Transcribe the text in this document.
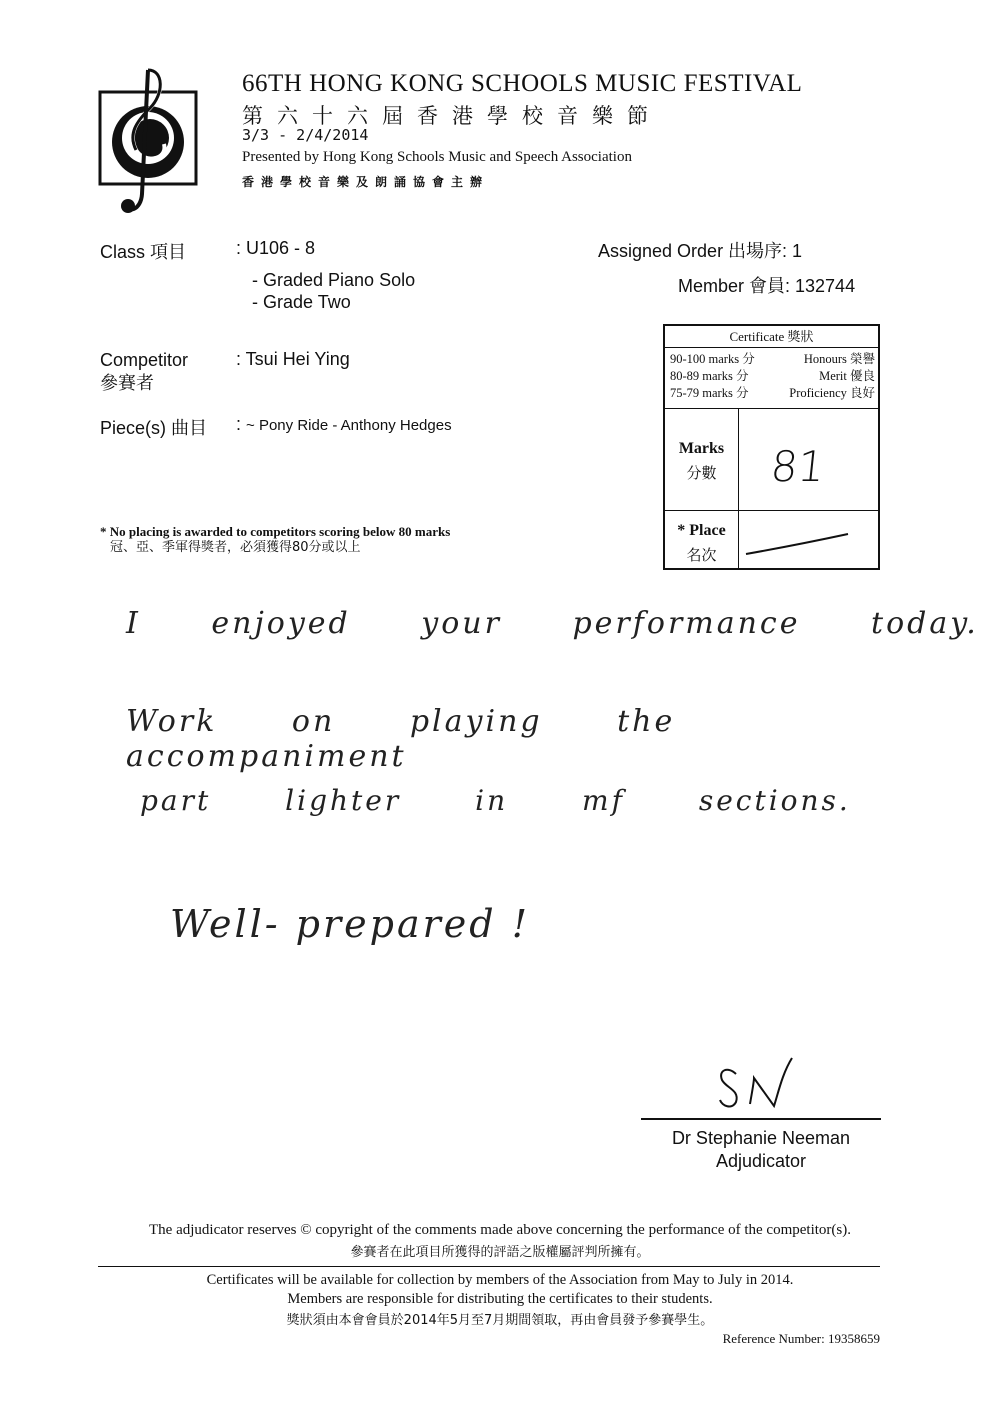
66TH HONG KONG SCHOOLS MUSIC FESTIVAL
第六十六屆香港學校音樂節
3/3 - 2/4/2014
Presented by Hong Kong Schools Music and Speech Association
香港學校音樂及朗誦協會主辦
Class 項目	: U106 - 8
- Graded Piano Solo
- Grade Two
Assigned Order 出場序: 1
Member 會員: 132744
Competitor
參賽者
: Tsui Hei Ying
Piece(s) 曲目 : ~ Pony Ride - Anthony Hedges
* No placing is awarded to competitors scoring below 80 marks
冠、亞、季軍得獎者，必須獲得80分或以上
Certificate 獎狀
90-100 marks 分	Honours 榮譽
80-89 marks 分	Merit 優良
75-79 marks 分	Proficiency 良好
Marks
分數	81
* Place
名次
I enjoyed your performance today.
Work on playing the accompaniment
part lighter in mf sections.
Well- prepared !
Dr Stephanie Neeman
Adjudicator
The adjudicator reserves © copyright of the comments made above concerning the performance of the competitor(s).
參賽者在此項目所獲得的評語之版權屬評判所擁有。
Certificates will be available for collection by members of the Association from May to July in 2014.
Members are responsible for distributing the certificates to their students.
獎狀須由本會會員於2014年5月至7月期間領取，再由會員發予參賽學生。
Reference Number: 19358659
